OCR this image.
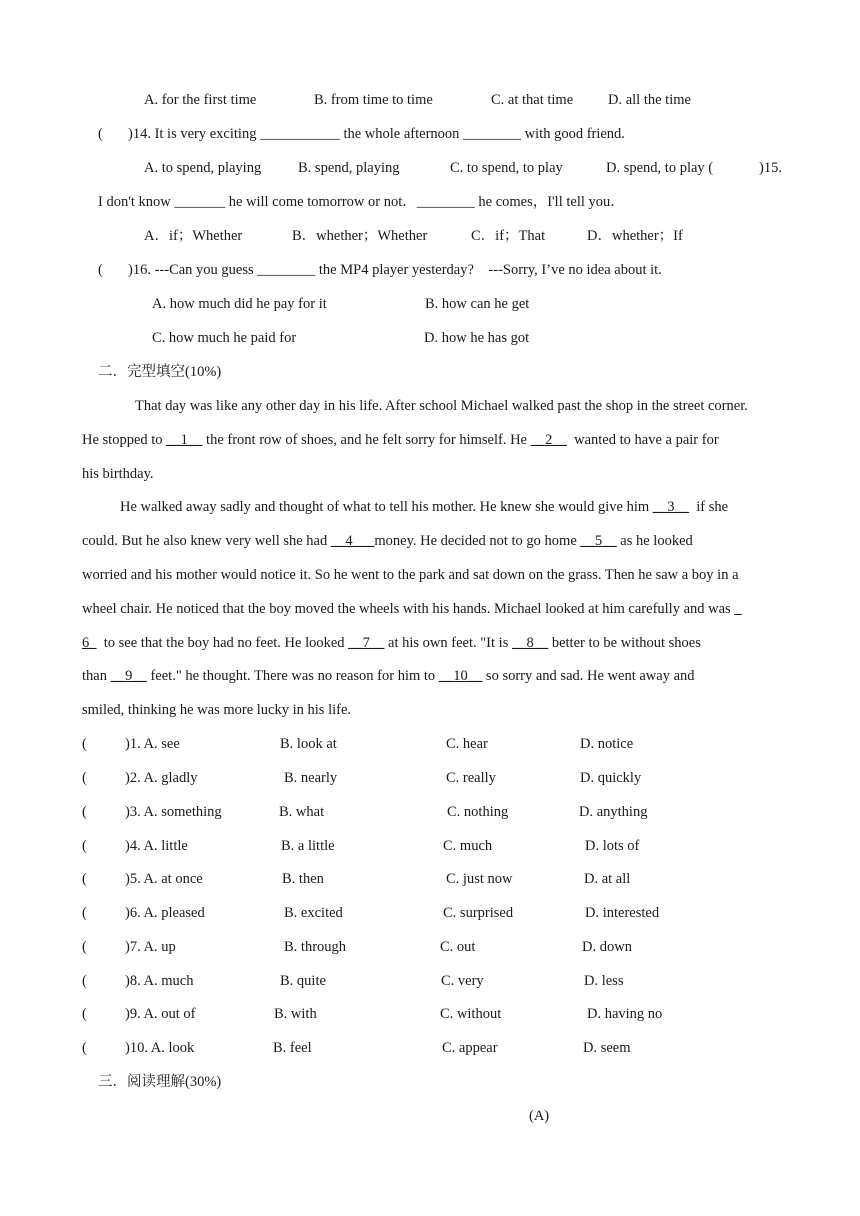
A. for the first time	B. from time to time	C. at that time D. all the time
( )14. It is very exciting ___________ the whole afternoon ________ with good friend.
A. to spend, playing	B. spend, playing	C. to spend, to play	D. spend, to play (	)15.
I don't know _______ he will come tomorrow or not．________ he comes，I'll tell you．
A．if；Whether	B．whether；Whether	C．if；That	D．whether；If
( )16. ---Can you guess ________ the MP4 player yesterday?    ---Sorry, I’ve no idea about it.
A. how much did he pay for it	B. how can he get
C. how much he paid for	D. how he has got
二．完型填空(10%)
That day was like any other day in his life. After school Michael walked past the shop in the street corner.
He stopped to __1__ the front row of shoes, and he felt sorry for himself. He __2__  wanted to have a pair for
his birthday.
He walked away sadly and thought of what to tell his mother. He knew she would give him __3__  if she
could. But he also knew very well she had __4___money. He decided not to go home __5__ as he looked
worried and his mother would notice it. So he went to the park and sat down on the grass. Then he saw a boy in a
wheel chair. He noticed that the boy moved the wheels with his hands. Michael looked at him carefully and was _
6_  to see that the boy had no feet. He looked __7__ at his own feet. "It is __8__ better to be without shoes
than __9__ feet." he thought. There was no reason for him to __10__ so sorry and sad. He went away and
smiled, thinking he was more lucky in his life.
(	)1. A. see	B. look at	C. hear	D. notice
(	)2. A. gladly	B. nearly	C. really	D. quickly
(	)3. A. something	B. what	C. nothing	D. anything
(	)4. A. little	B. a little	C. much	D. lots of
(	)5. A. at once	B. then	C. just now	D. at all
(	)6. A. pleased	B. excited	C. surprised	D. interested
(	)7. A. up	B. through	C. out	D. down
(	)8. A. much	B. quite	C. very	D. less
(	)9. A. out of	B. with	C. without	D. having no
(	)10. A. look	B. feel	C. appear	D. seem
三．阅读理解(30%)
(A)
